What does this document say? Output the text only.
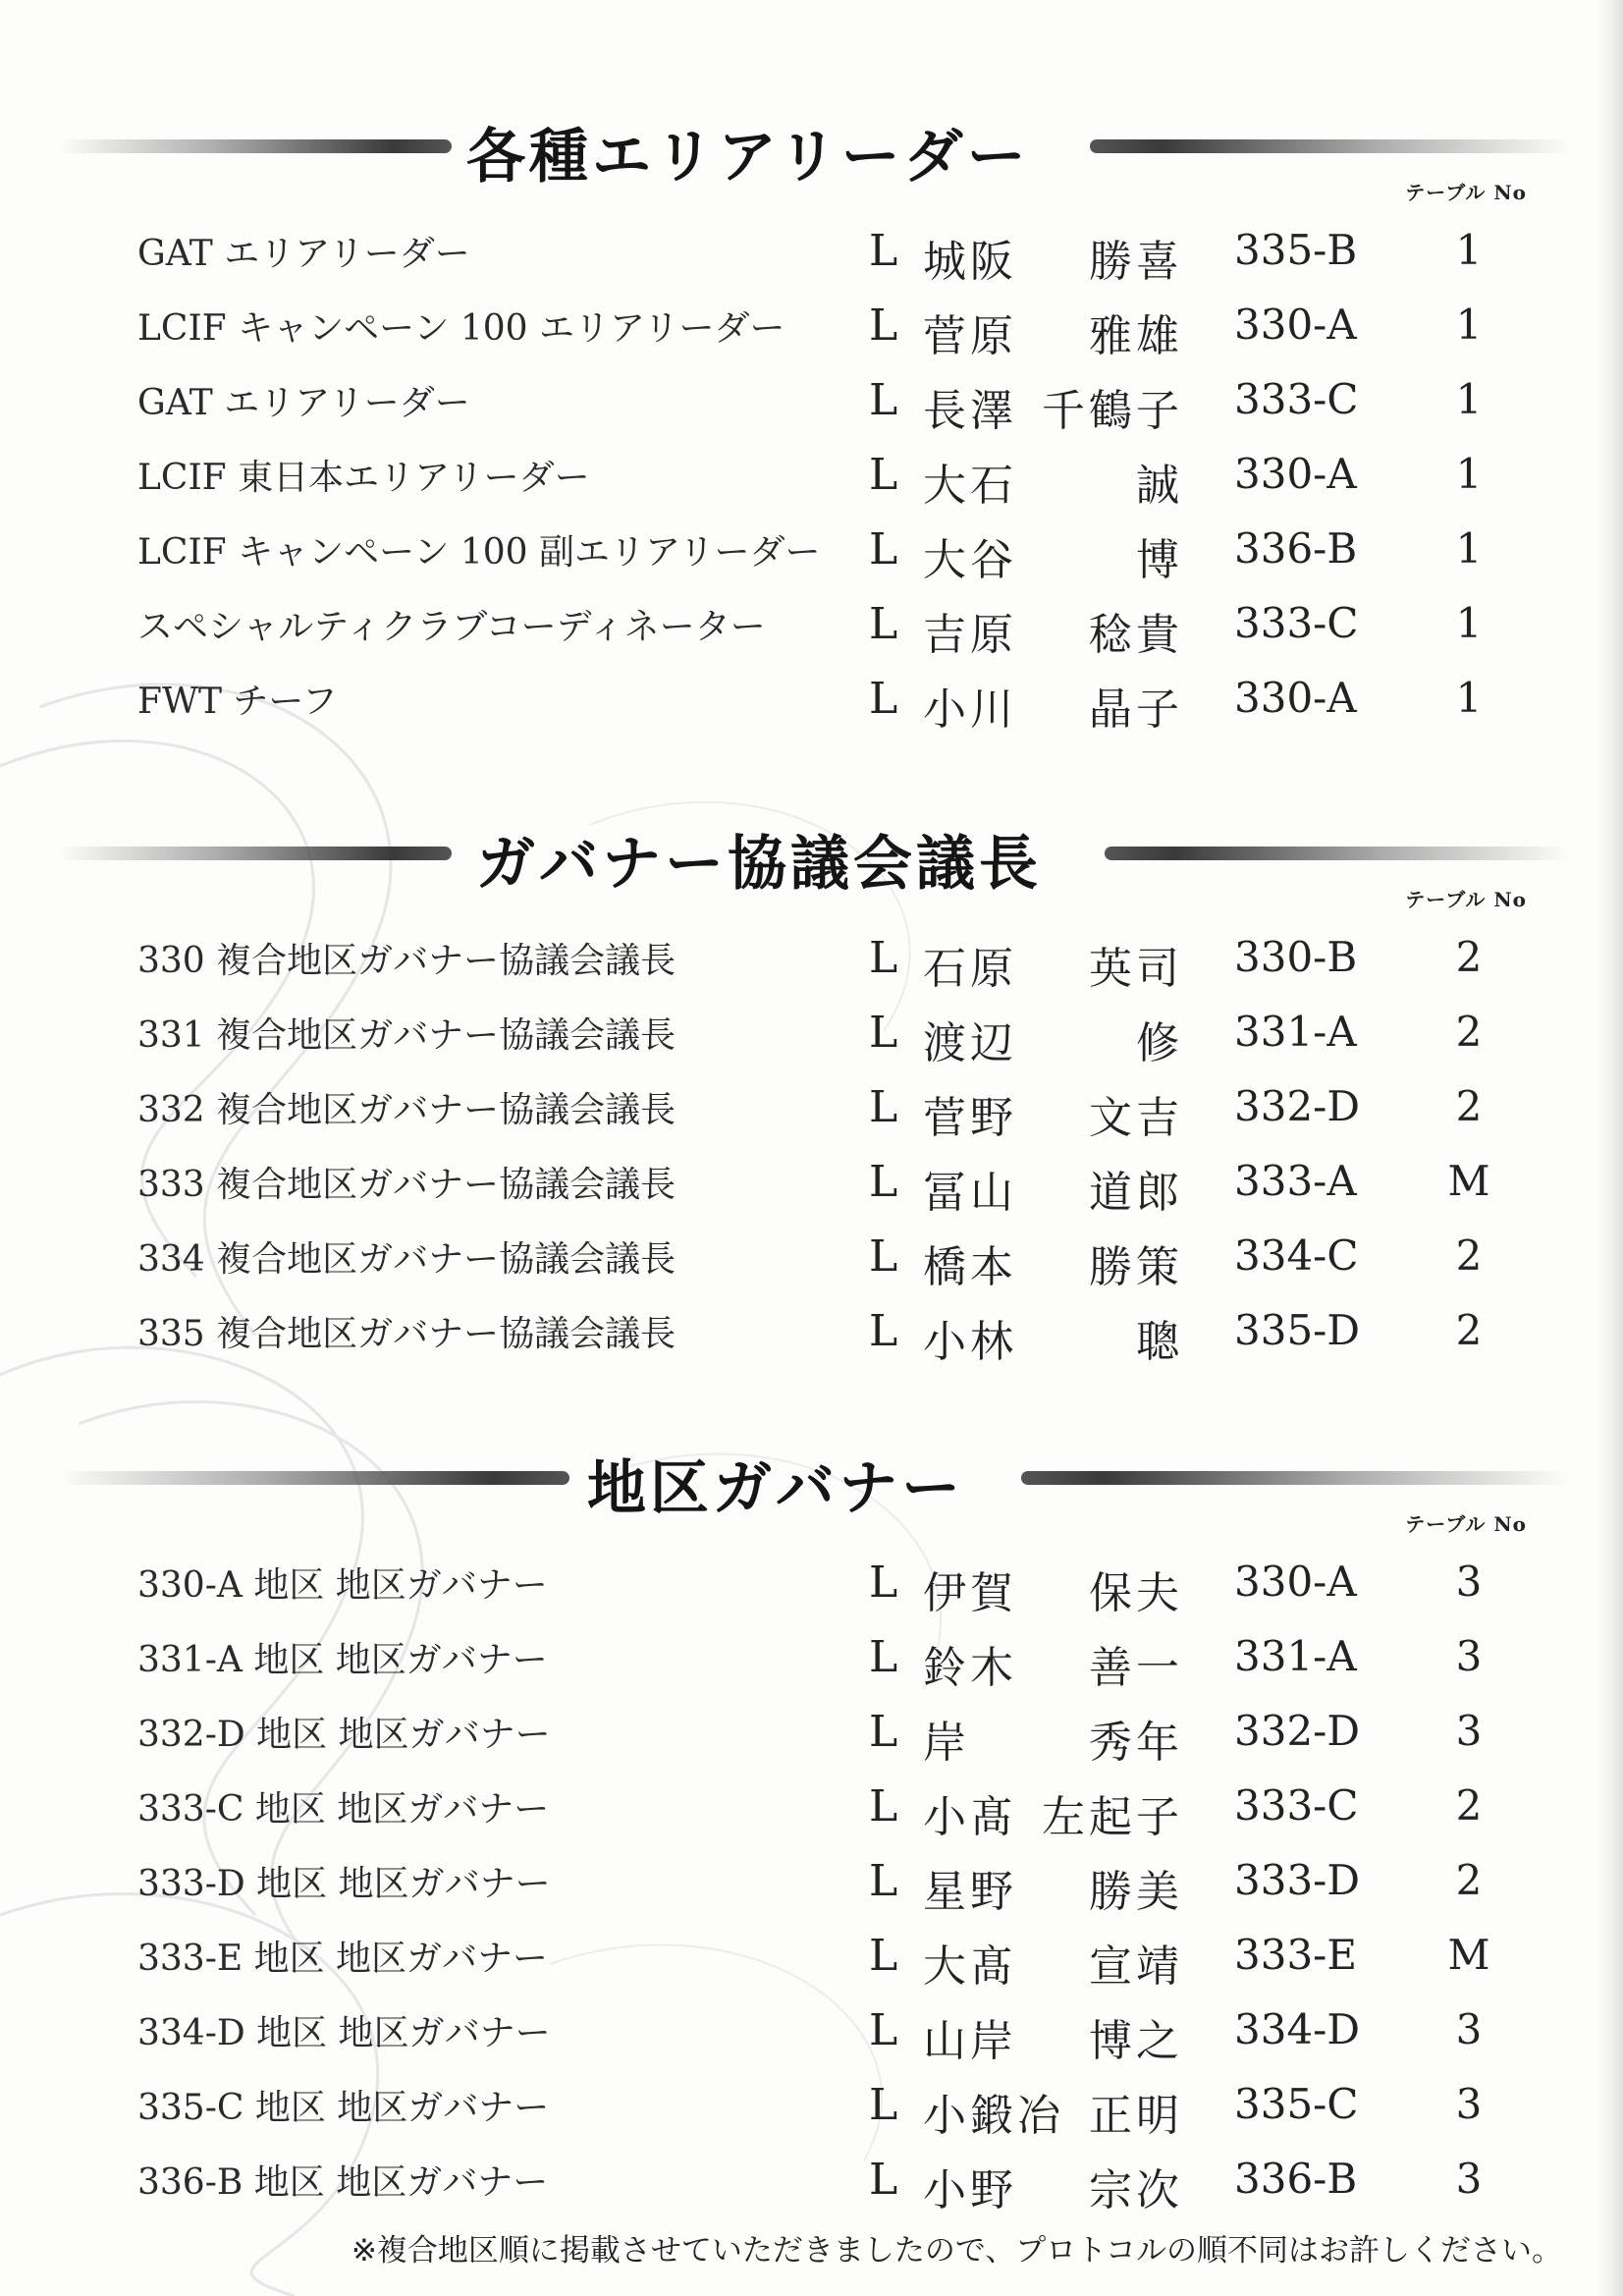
各種エリアリーダー
テーブル No
GAT エリアリーダー	L 城阪 勝喜 335-B	1
LCIF キャンペーン 100 エリアリーダー L 菅原 雅雄 330-A	1
GAT エリアリーダー	L 長澤 千鶴子 333-C	1
LCIF 東日本エリアリーダー	L 大石	誠 330-A	1
LCIF キャンペーン 100 副エリアリーダー L 大谷	博 336-B	1
スペシャルティクラブコーディネーター L 吉原 稔貴 333-C	1
FWT チーフ	L 小川 晶子 330-A	1
ガバナー協議会議長
テーブル No
330 複合地区ガバナー協議会議長	L 石原 英司 330-B	2
331 複合地区ガバナー協議会議長	L 渡辺	修 331-A	2
332 複合地区ガバナー協議会議長	L 菅野 文吉 332-D	2
333 複合地区ガバナー協議会議長	L 冨山 道郎 333-A M
334 複合地区ガバナー協議会議長	L 橋本 勝策 334-C	2
335 複合地区ガバナー協議会議長	L 小林	聰 335-D	2
地区ガバナー
テーブル No
330-A 地区 地区ガバナー	L 伊賀 保夫 330-A	3
331-A 地区 地区ガバナー	L 鈴木 善一 331-A	3
332-D 地区 地区ガバナー	L 岸	秀年 332-D	3
333-C 地区 地区ガバナー	L 小髙 左起子 333-C	2
333-D 地区 地区ガバナー	L 星野 勝美 333-D	2
333-E 地区 地区ガバナー	L 大髙 宣靖 333-E M
334-D 地区 地区ガバナー	L 山岸 博之 334-D	3
335-C 地区 地区ガバナー	L 小鍛冶 正明 335-C	3
336-B 地区 地区ガバナー	L 小野 宗次 336-B	3
※複合地区順に掲載させていただきましたので、プロトコルの順不同はお許しください。
